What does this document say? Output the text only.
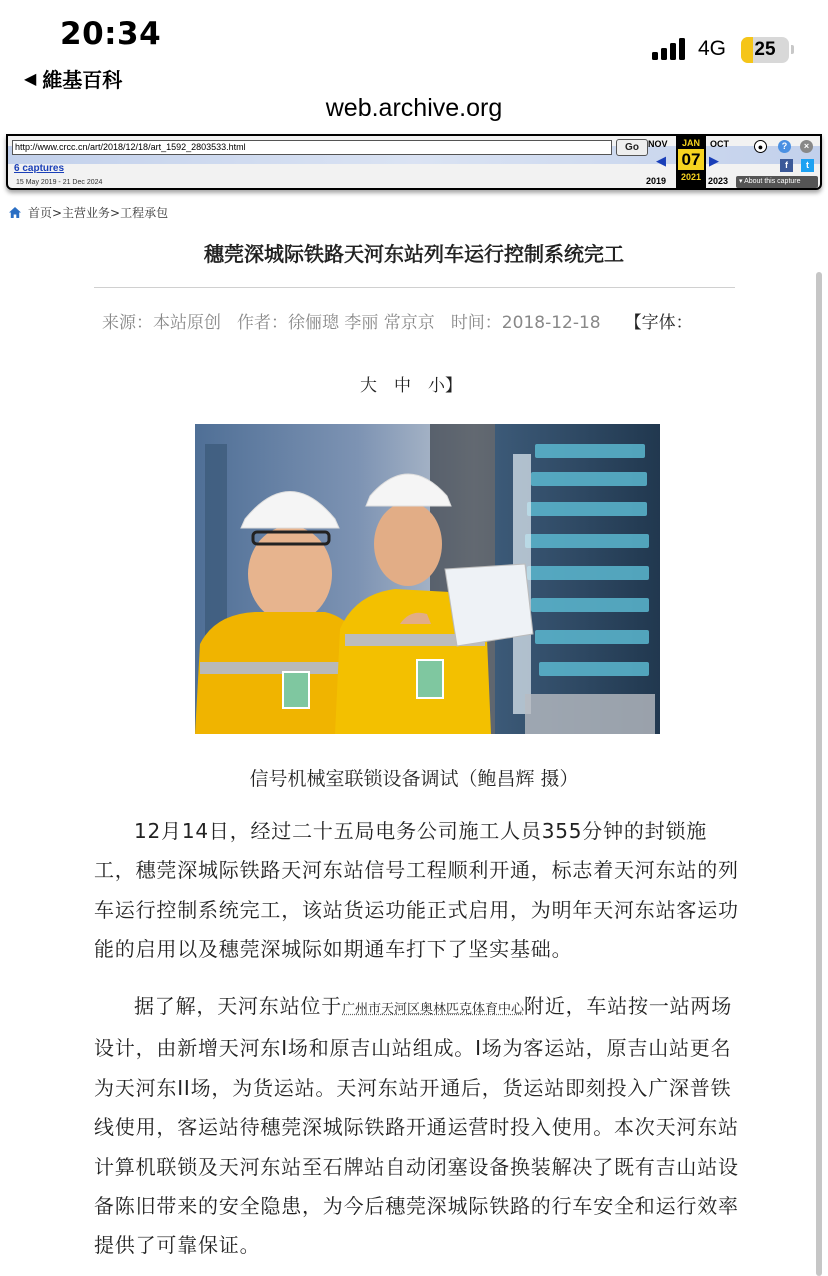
20:34
◀ 維基百科
4G	25
web.archive.org
http://www.crcc.cn/art/2018/12/18/art_1592_2803533.html	Go
6 captures
15 May 2019 - 21 Dec 2024
NOV
◀
2019
JAN
07
2021
OCT
▶
2023
●	?	×
f	t
▾ About this capture
首页>主营业务>工程承包
穗莞深城际铁路天河东站列车运行控制系统完工
来源：本站原创 作者：徐俪璁 李丽 常京京 时间：2018-12-18 【字体：
大 中 小】
信号机械室联锁设备调试（鲍昌辉 摄）

12月14日，经过二十五局电务公司施工人员355分钟的封锁施工，穗莞深城际铁路天河东站信号工程顺利开通，标志着天河东站的列车运行控制系统完工，该站货运功能正式启用，为明年天河东站客运功能的启用以及穗莞深城际如期通车打下了坚实基础。

据了解，天河东站位于广州市天河区奥林匹克体育中心附近，车站按一站两场设计，由新增天河东I场和原吉山站组成。I场为客运站，原吉山站更名为天河东II场，为货运站。天河东站开通后，货运站即刻投入广深普铁线使用，客运站待穗莞深城际铁路开通运营时投入使用。本次天河东站计算机联锁及天河东站至石牌站自动闭塞设备换装解决了既有吉山站设备陈旧带来的安全隐患，为今后穗莞深城际铁路的行车安全和运行效率提供了可靠保证。
